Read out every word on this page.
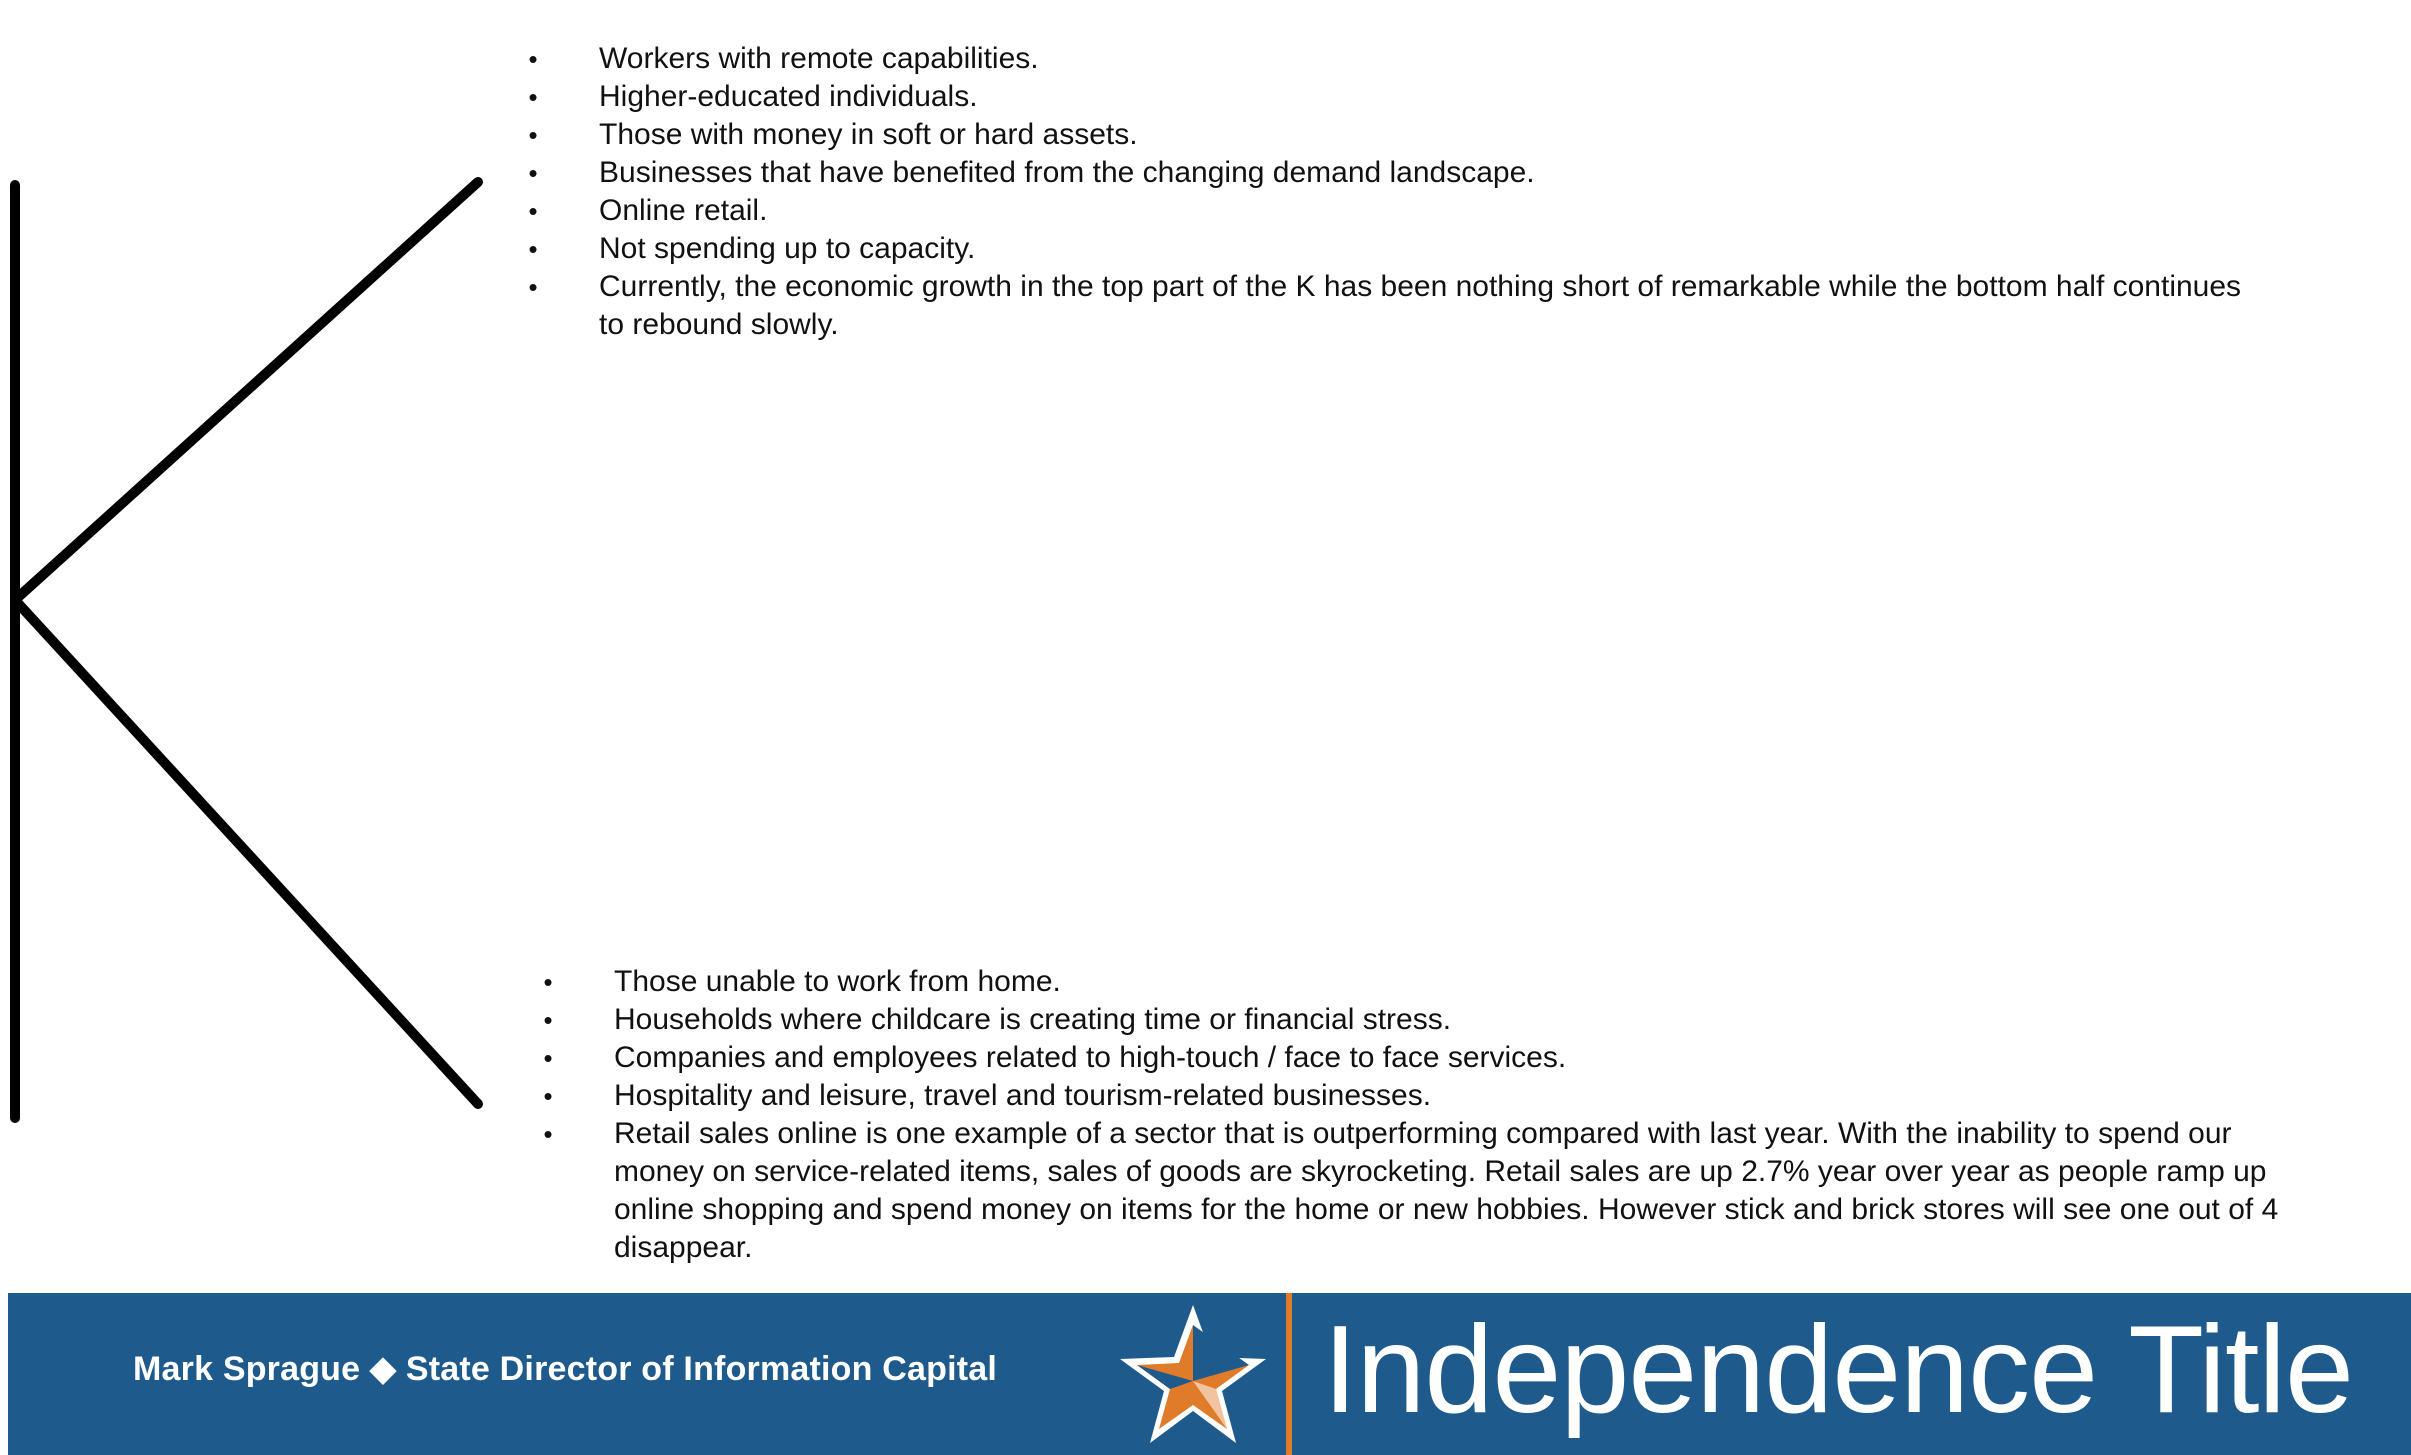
• Workers with remote capabilities.
• Higher-educated individuals.
• Those with money in soft or hard assets.
• Businesses that have benefited from the changing demand landscape.
• Online retail.
• Not spending up to capacity.
• Currently, the economic growth in the top part of the K has been nothing short of remarkable while the bottom half continues to rebound slowly.
• Those unable to work from home.
• Households where childcare is creating time or financial stress.
• Companies and employees related to high-touch / face to face services.
• Hospitality and leisure, travel and tourism-related businesses.
• Retail sales online is one example of a sector that is outperforming compared with last year. With the inability to spend our money on service-related items, sales of goods are skyrocketing. Retail sales are up 2.7% year over year as people ramp up online shopping and spend money on items for the home or new hobbies. However stick and brick stores will see one out of 4 disappear.
Mark Sprague ◆ State Director of Information Capital	Independence Title
